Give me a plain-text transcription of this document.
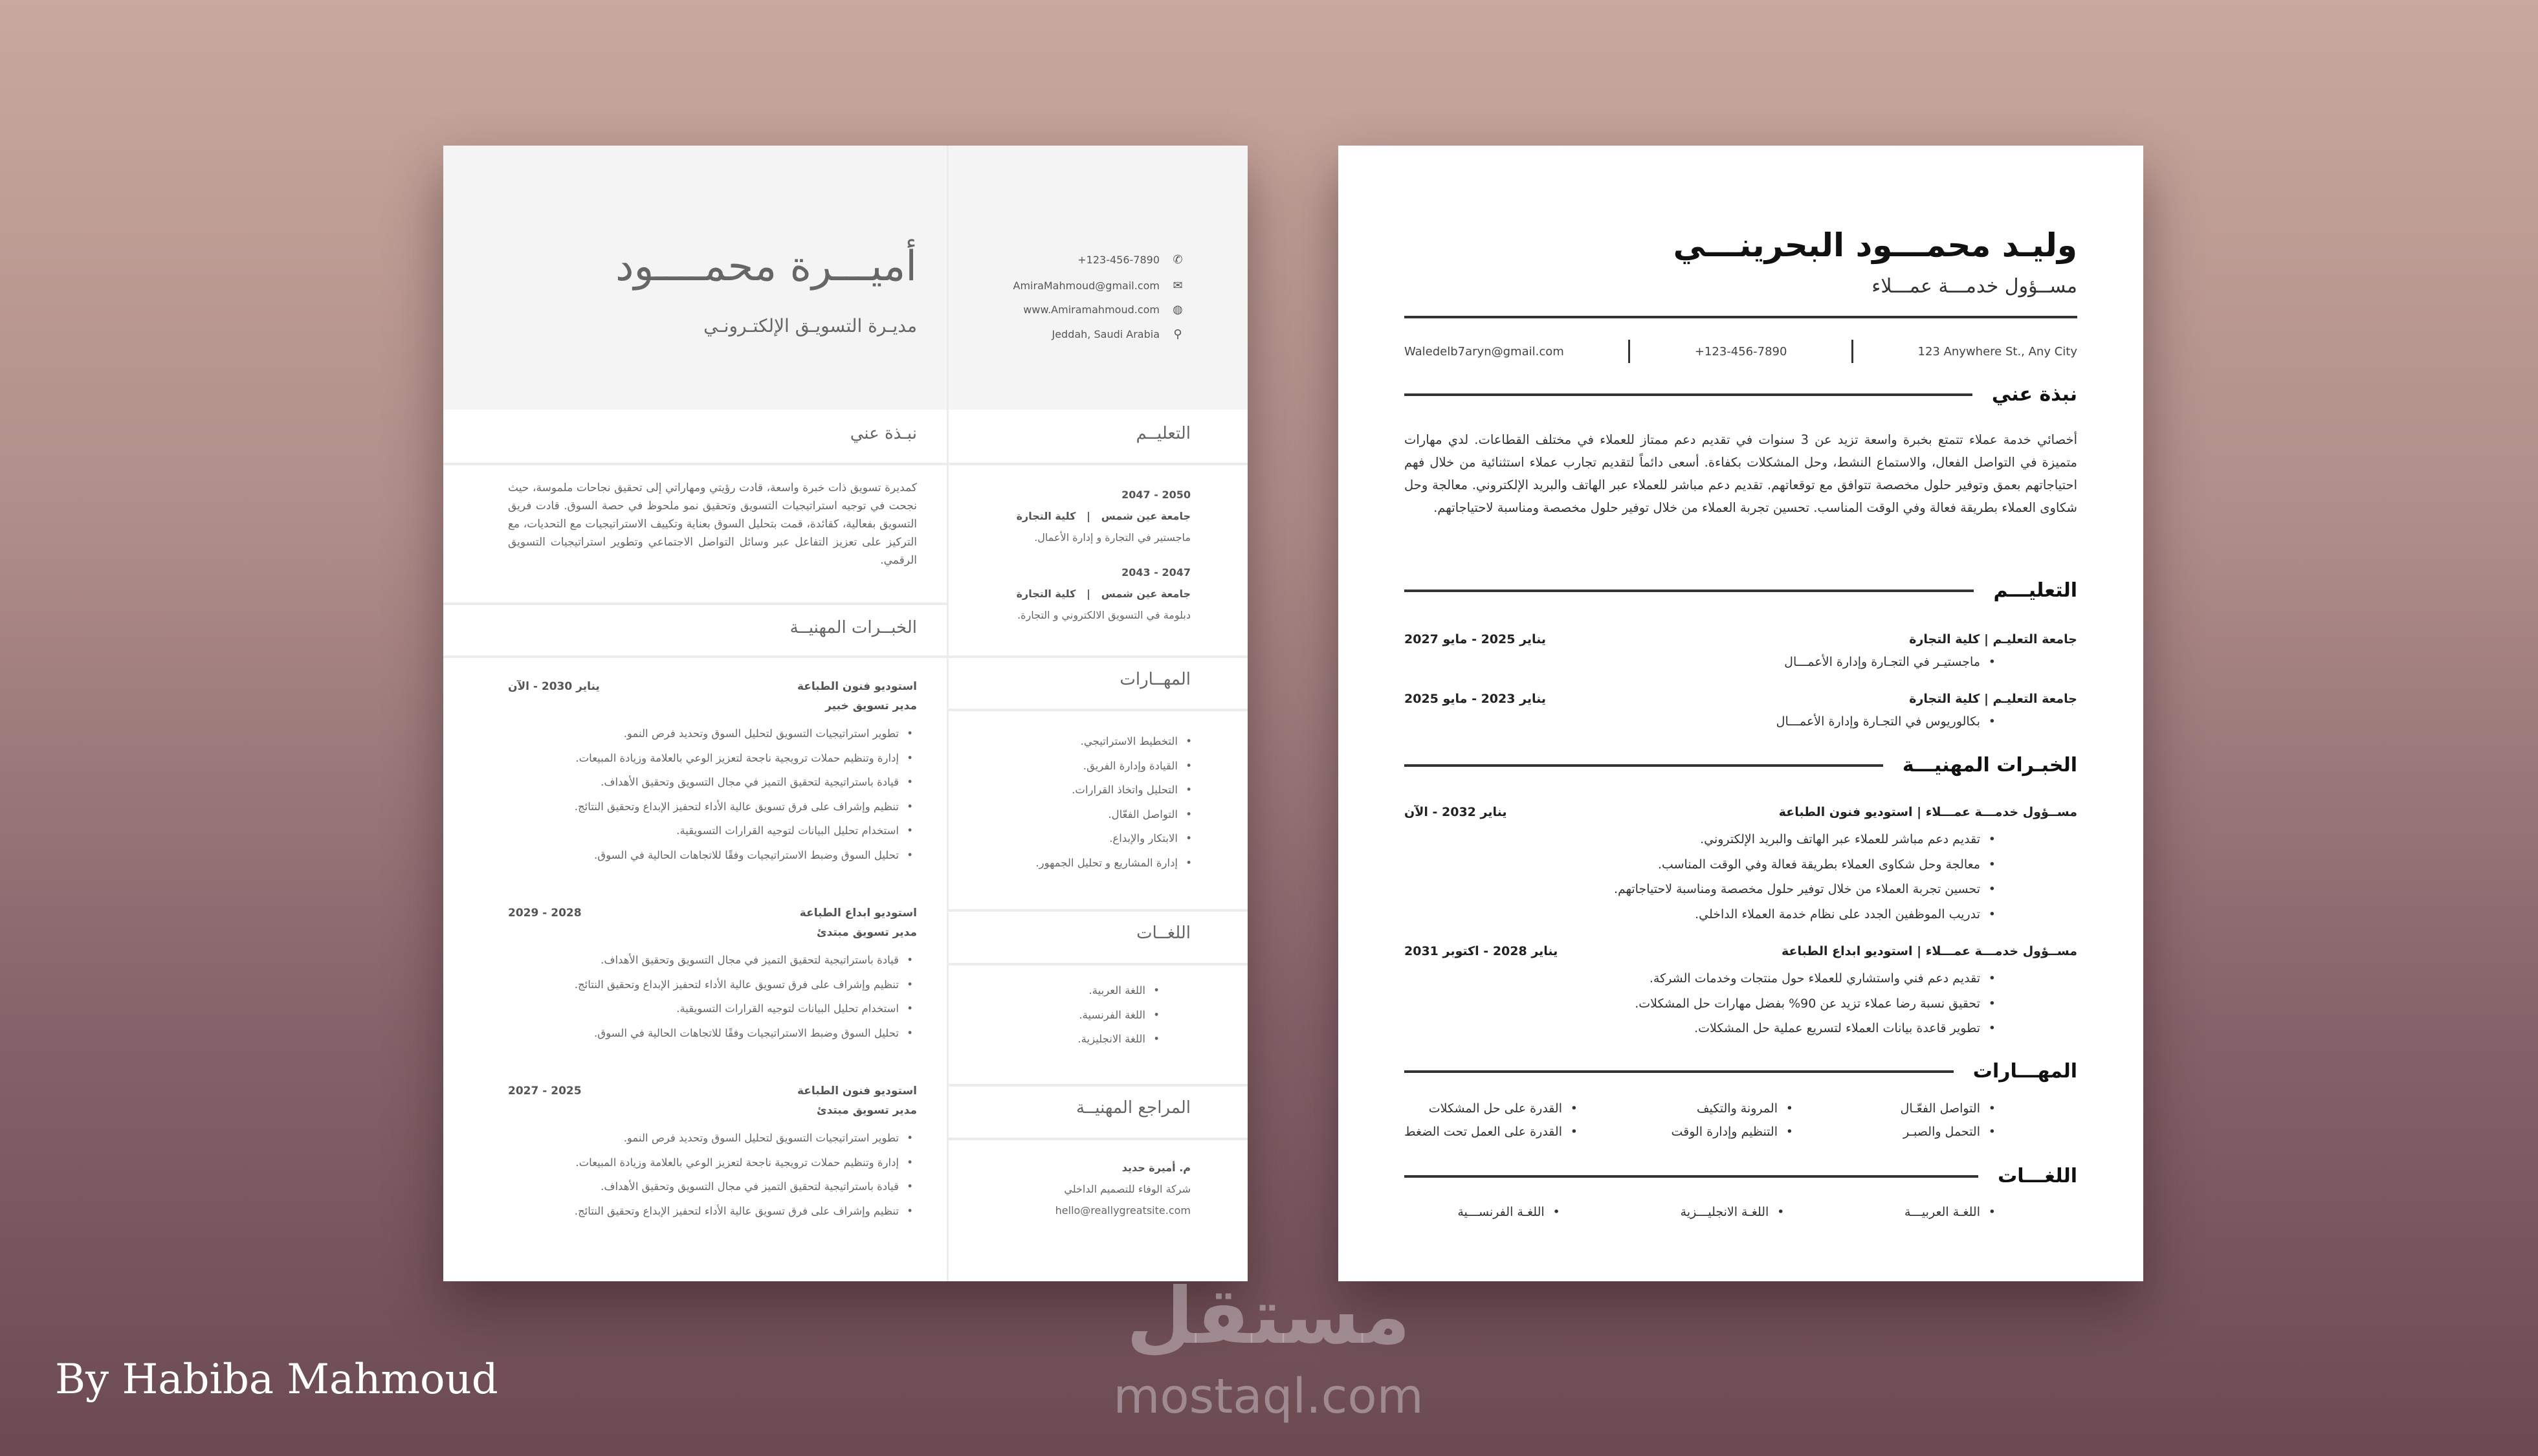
أميـــرة محمــــود
مديـرة التسويـق الإلكتـرونـي
+123-456-7890 ✆
AmiraMahmoud@gmail.com ✉
www.Amiramahmoud.com ◍
Jeddah, Saudi Arabia ⚲
نبـذة عني
كمديرة تسويق ذات خبرة واسعة، قادت رؤيتي ومهاراتي إلى تحقيق نجاحات ملموسة، حيث نجحت في توجيه استراتيجيات التسويق وتحقيق نمو ملحوظ في حصة السوق. قادت فريق التسويق بفعالية، كقائدة، قمت بتحليل السوق بعناية وتكييف الاستراتيجيات مع التحديات، مع التركيز على تعزيز التفاعل عبر وسائل التواصل الاجتماعي وتطوير استراتيجيات التسويق الرقمي.
الخبــرات المهنيــة
استوديو فنون الطباعة
يناير 2030 - الآن
مدير تسويق خبير
• تطوير استراتيجيات التسويق لتحليل السوق وتحديد فرص النمو.
• إدارة وتنظيم حملات ترويجية ناجحة لتعزيز الوعي بالعلامة وزيادة المبيعات.
• قيادة باستراتيجية لتحقيق التميز في مجال التسويق وتحقيق الأهداف.
• تنظيم وإشراف على فرق تسويق عالية الأداء لتحفيز الإبداع وتحقيق النتائج.
• استخدام تحليل البيانات لتوجيه القرارات التسويقية.
• تحليل السوق وضبط الاستراتيجيات وفقًا للاتجاهات الحالية في السوق.
استوديو ابداع الطباعة
2028 - 2029
مدير تسويق مبتدئ
• قيادة باستراتيجية لتحقيق التميز في مجال التسويق وتحقيق الأهداف.
• تنظيم وإشراف على فرق تسويق عالية الأداء لتحفيز الإبداع وتحقيق النتائج.
• استخدام تحليل البيانات لتوجيه القرارات التسويقية.
• تحليل السوق وضبط الاستراتيجيات وفقًا للاتجاهات الحالية في السوق.
استوديو فنون الطباعة
2025 - 2027
مدير تسويق مبتدئ
• تطوير استراتيجيات التسويق لتحليل السوق وتحديد فرص النمو.
• إدارة وتنظيم حملات ترويجية ناجحة لتعزيز الوعي بالعلامة وزيادة المبيعات.
• قيادة باستراتيجية لتحقيق التميز في مجال التسويق وتحقيق الأهداف.
• تنظيم وإشراف على فرق تسويق عالية الأداء لتحفيز الإبداع وتحقيق النتائج.
التعليــم
2050 - 2047
جامعة عين شمس   |   كلية التجارة
ماجستير في التجارة و إدارة الأعمال.
2047 - 2043
جامعة عين شمس   |   كلية التجارة
دبلومة في التسويق الالكتروني و التجارة.
المهــارات
• التخطيط الاستراتيجي.
• القيادة وإدارة الفريق.
• التحليل واتخاذ القرارات.
• التواصل الفعّال.
• الابتكار والإبداع.
• إدارة المشاريع و تحليل الجمهور.
اللغــات
• اللغة العربية.
• اللغة الفرنسية.
• اللغة الانجليزية.
المراجع المهنيــة
م. أميرة حديد
شركة الوفاء للتصميم الداخلي
hello@reallygreatsite.com
وليـد محمـــود البحرينـــي
مســؤول خدمـــة عمـــلاء
Waledelb7aryn@gmail.com	+123-456-7890	123 Anywhere St., Any City
نبذة عني
أخصائي خدمة عملاء تتمتع بخبرة واسعة تزيد عن 3 سنوات في تقديم دعم ممتاز للعملاء في مختلف القطاعات. لدي مهارات متميزة في التواصل الفعال، والاستماع النشط، وحل المشكلات بكفاءة. أسعى دائماً لتقديم تجارب عملاء استثنائية من خلال فهم احتياجاتهم بعمق وتوفير حلول مخصصة تتوافق مع توقعاتهم. تقديم دعم مباشر للعملاء عبر الهاتف والبريد الإلكتروني. معالجة وحل شكاوى العملاء بطريقة فعالة وفي الوقت المناسب. تحسين تجربة العملاء من خلال توفير حلول مخصصة ومناسبة لاحتياجاتهم.
التعليـــم
جامعة التعليـم | كلية التجارة
يناير 2025 - مايو 2027
• ماجستيـر في التجـارة وإدارة الأعمـــال
جامعة التعليـم | كلية التجارة
يناير 2023 - مايو 2025
• بكالوريوس في التجـارة وإدارة الأعمـــال
الخبـرات المهنيـــة
مســؤول خدمـــة عمـــلاء | استوديو فنون الطباعة
يناير 2032 - الآن
• تقديم دعم مباشر للعملاء عبر الهاتف والبريد الإلكتروني.
• معالجة وحل شكاوى العملاء بطريقة فعالة وفي الوقت المناسب.
• تحسين تجربة العملاء من خلال توفير حلول مخصصة ومناسبة لاحتياجاتهم.
• تدريب الموظفين الجدد على نظام خدمة العملاء الداخلي.
مســؤول خدمـــة عمـــلاء | استوديو ابداع الطباعة
يناير 2028 - اكتوبر 2031
• تقديم دعم فني واستشاري للعملاء حول منتجات وخدمات الشركة.
• تحقيق نسبة رضا عملاء تزيد عن 90% بفضل مهارات حل المشكلات.
• تطوير قاعدة بيانات العملاء لتسريع عملية حل المشكلات.
المهـــارات
• التواصل الفعّـال
• المرونة والتكيف
• القدرة على حل المشكلات
• التحمل والصبـر
• التنظيم وإدارة الوقت
• القدرة على العمل تحت الضغط
اللغـــات
• اللغـة العربيـــة
• اللغـة الانجليـــزية
• اللغـة الفرنســـية
By Habiba Mahmoud
مستقل
mostaql.com
